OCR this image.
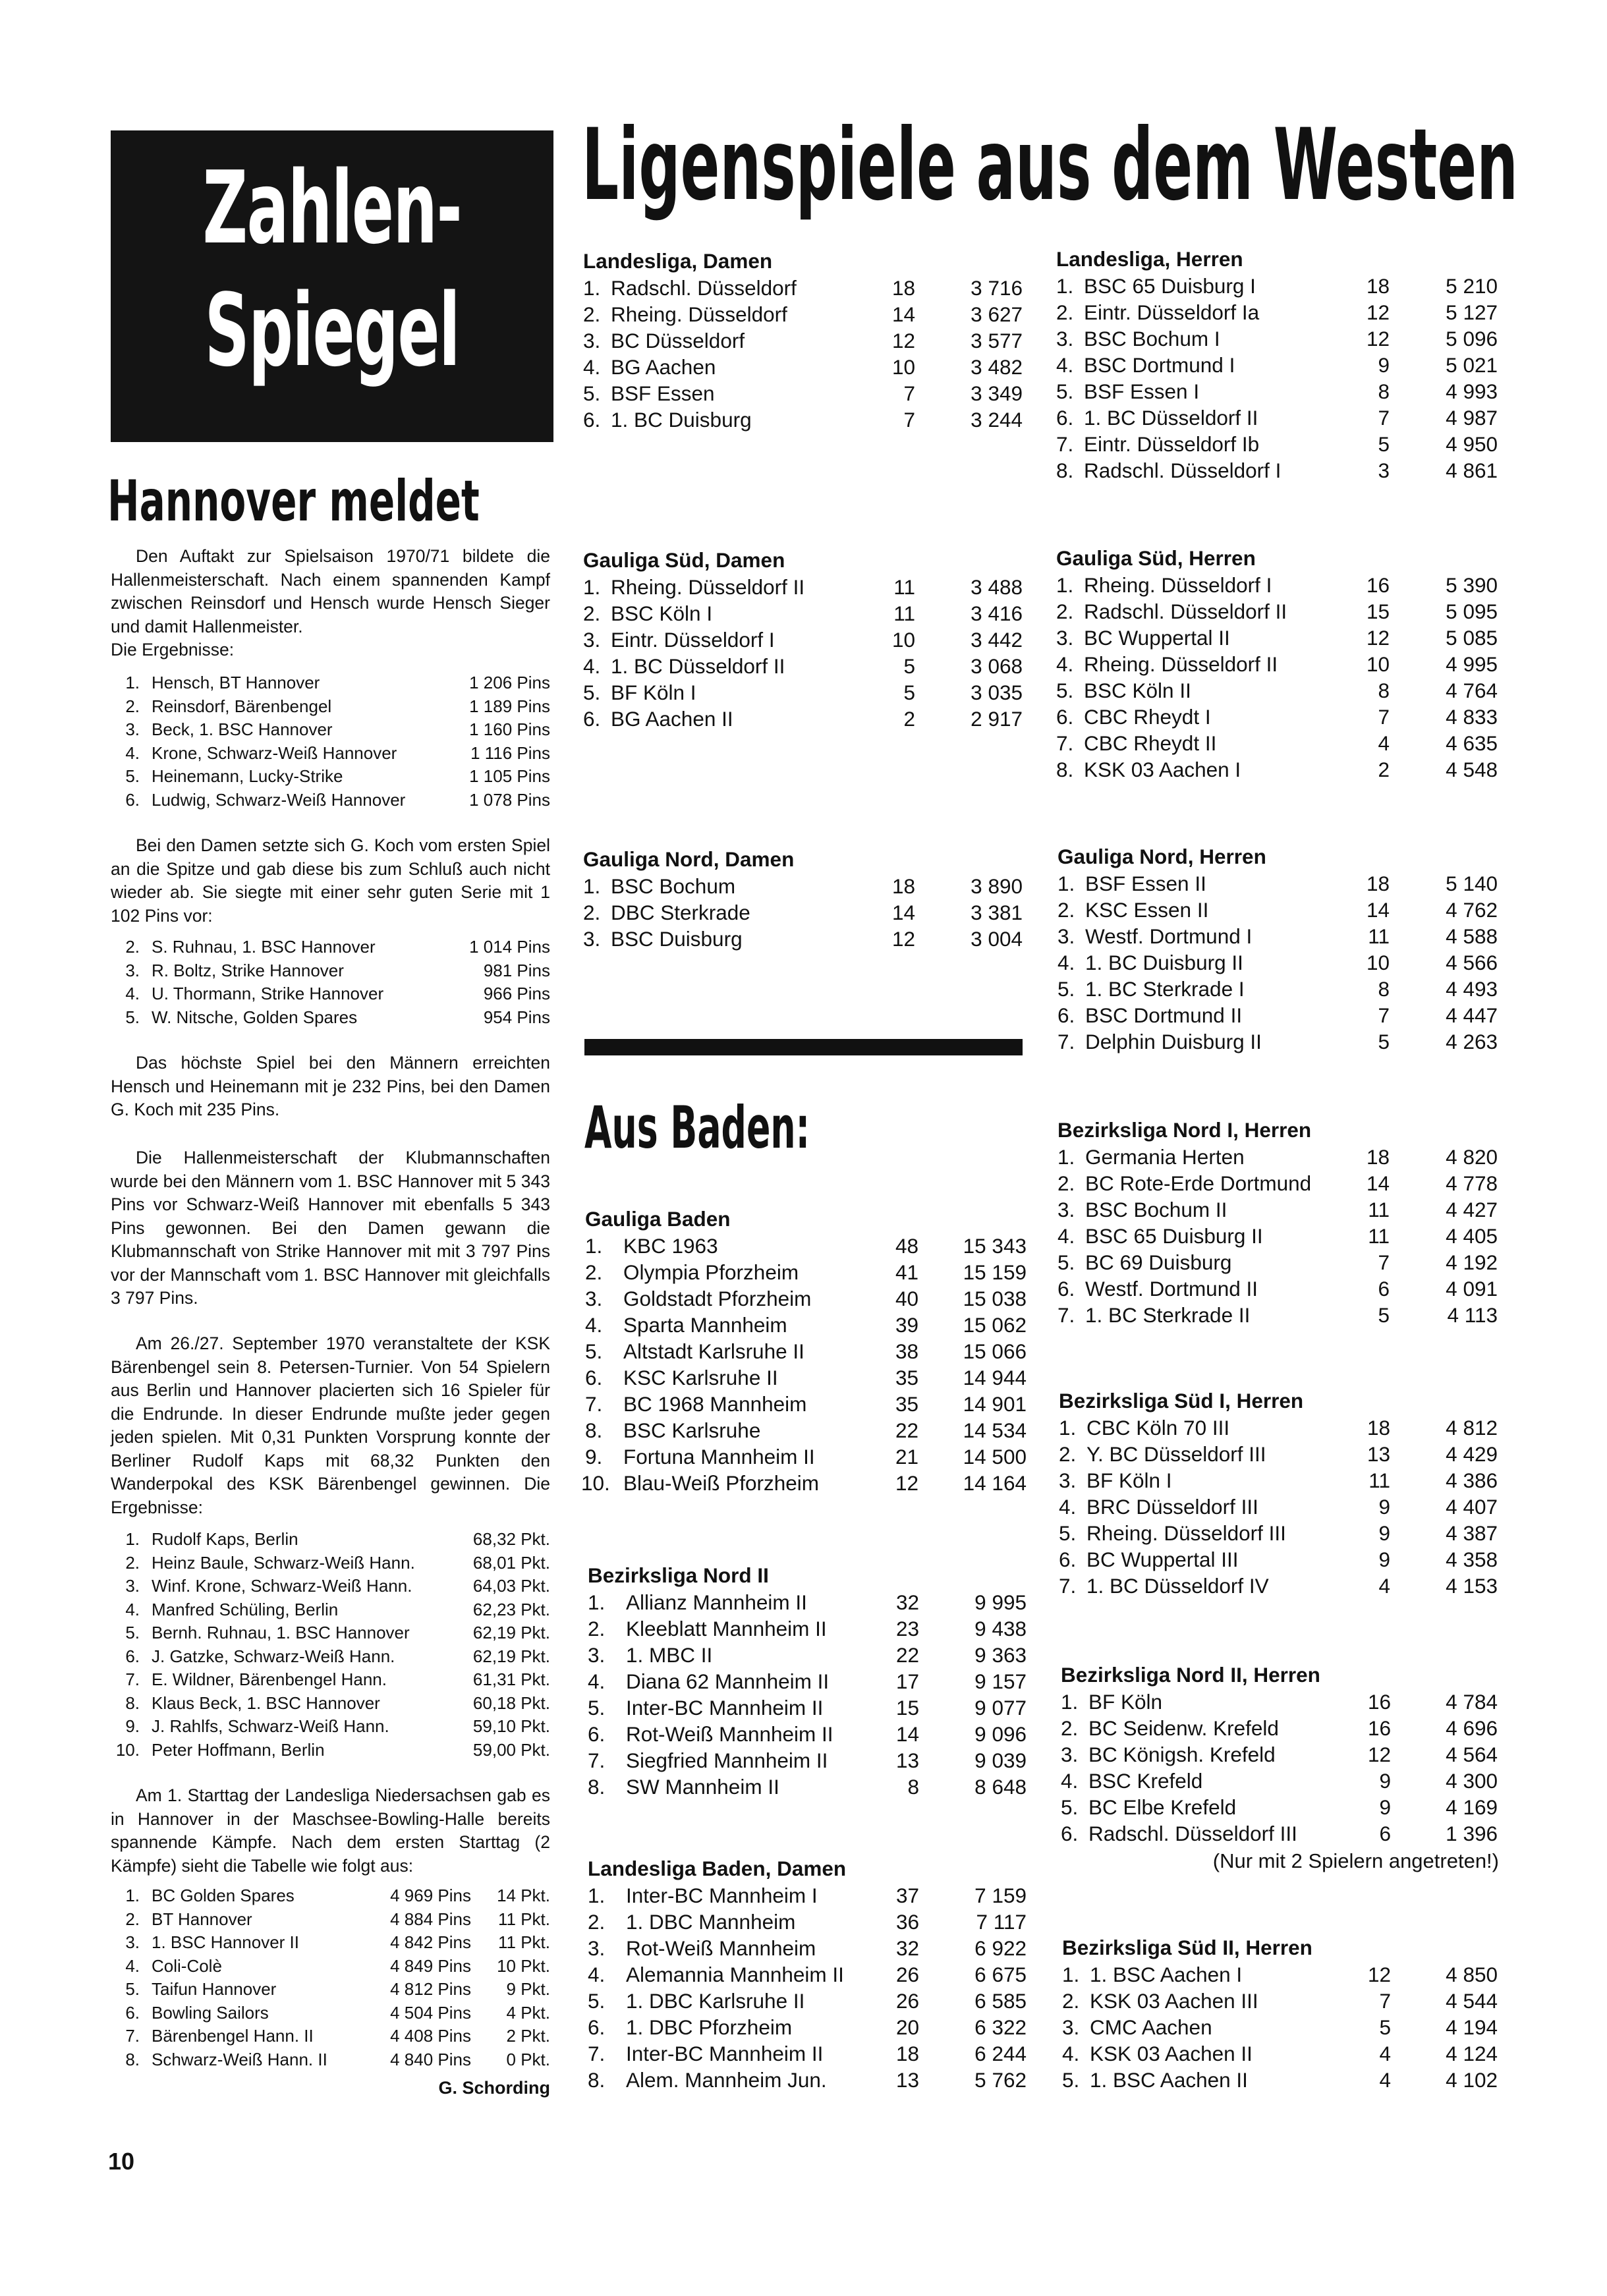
Zahlen-
Spiegel
Ligenspiele aus dem Westen
Hannover meldet

Den Auftakt zur Spielsaison 1970/71 bildete die Hallenmeisterschaft. Nach einem spannenden Kampf zwischen Reinsdorf und Hensch wurde Hensch Sieger und damit Hallenmeister.

Die Ergebnisse:

1. Hensch, BT Hannover	1 206 Pins
2. Reinsdorf, Bärenbengel	1 189 Pins
3. Beck, 1. BSC Hannover	1 160 Pins
4. Krone, Schwarz-Weiß Hannover	1 116 Pins
5. Heinemann, Lucky-Strike	1 105 Pins
6. Ludwig, Schwarz-Weiß Hannover	1 078 Pins

Bei den Damen setzte sich G. Koch vom ersten Spiel an die Spitze und gab diese bis zum Schluß auch nicht wieder ab. Sie siegte mit einer sehr guten Serie mit 1 102 Pins vor:

2. S. Ruhnau, 1. BSC Hannover	1 014 Pins
3. R. Boltz, Strike Hannover	981 Pins
4. U. Thormann, Strike Hannover	966 Pins
5. W. Nitsche, Golden Spares	954 Pins

Das höchste Spiel bei den Männern erreichten Hensch und Heinemann mit je 232 Pins, bei den Damen G. Koch mit 235 Pins.

Die Hallenmeisterschaft der Klubmannschaften wurde bei den Männern vom 1. BSC Hannover mit 5 343 Pins vor Schwarz-Weiß Hannover mit ebenfalls 5 343 Pins gewonnen. Bei den Damen gewann die Klubmannschaft von Strike Hannover mit mit 3 797 Pins vor der Mannschaft vom 1. BSC Hannover mit gleichfalls 3 797 Pins.

Am 26./27. September 1970 veranstaltete der KSK Bärenbengel sein 8. Petersen-Turnier. Von 54 Spielern aus Berlin und Hannover placierten sich 16 Spieler für die Endrunde. In dieser Endrunde mußte jeder gegen jeden spielen. Mit 0,31 Punkten Vorsprung konnte der Berliner Rudolf Kaps mit 68,32 Punkten den Wanderpokal des KSK Bärenbengel gewinnen. Die Ergebnisse:

1. Rudolf Kaps, Berlin	68,32 Pkt.
2. Heinz Baule, Schwarz-Weiß Hann.	68,01 Pkt.
3. Winf. Krone, Schwarz-Weiß Hann.	64,03 Pkt.
4. Manfred Schüling, Berlin	62,23 Pkt.
5. Bernh. Ruhnau, 1. BSC Hannover	62,19 Pkt.
6. J. Gatzke, Schwarz-Weiß Hann.	62,19 Pkt.
7. E. Wildner, Bärenbengel Hann.	61,31 Pkt.
8. Klaus Beck, 1. BSC Hannover	60,18 Pkt.
9. J. Rahlfs, Schwarz-Weiß Hann.	59,10 Pkt.
10. Peter Hoffmann, Berlin	59,00 Pkt.

Am 1. Starttag der Landesliga Niedersachsen gab es in Hannover in der Maschsee-Bowling-Halle bereits spannende Kämpfe. Nach dem ersten Starttag (2 Kämpfe) sieht die Tabelle wie folgt aus:

1. BC Golden Spares	4 969 Pins 14 Pkt.
2. BT Hannover	4 884 Pins 11 Pkt.
3. 1. BSC Hannover II	4 842 Pins 11 Pkt.
4. Coli-Colè	4 849 Pins 10 Pkt.
5. Taifun Hannover	4 812 Pins 9 Pkt.
6. Bowling Sailors	4 504 Pins 4 Pkt.
7. Bärenbengel Hann. II	4 408 Pins 2 Pkt.
8. Schwarz-Weiß Hann. II	4 840 Pins 0 Pkt.
G. Schording
Aus Baden:
Landesliga, Damen
1. Radschl. Düsseldorf	18	3 716
2. Rheing. Düsseldorf	14	3 627
3. BC Düsseldorf	12	3 577
4. BG Aachen	10	3 482
5. BSF Essen	7	3 349
6. 1. BC Duisburg	7	3 244
Gauliga Süd, Damen
1. Rheing. Düsseldorf II	11	3 488
2. BSC Köln I	11	3 416
3. Eintr. Düsseldorf I	10	3 442
4. 1. BC Düsseldorf II	5	3 068
5. BF Köln I	5	3 035
6. BG Aachen II	2	2 917
Gauliga Nord, Damen
1. BSC Bochum	18	3 890
2. DBC Sterkrade	14	3 381
3. BSC Duisburg	12	3 004
Gauliga Baden
1. KBC 1963	48 15 343
2. Olympia Pforzheim	41 15 159
3. Goldstadt Pforzheim	40 15 038
4. Sparta Mannheim	39 15 062
5. Altstadt Karlsruhe II	38 15 066
6. KSC Karlsruhe II	35 14 944
7. BC 1968 Mannheim	35 14 901
8. BSC Karlsruhe	22 14 534
9. Fortuna Mannheim II	21 14 500
10. Blau-Weiß Pforzheim	12 14 164
Bezirksliga Nord II
1. Allianz Mannheim II	32	9 995
2. Kleeblatt Mannheim II	23	9 438
3. 1. MBC II	22	9 363
4. Diana 62 Mannheim II	17	9 157
5. Inter-BC Mannheim II	15	9 077
6. Rot-Weiß Mannheim II	14	9 096
7. Siegfried Mannheim II	13	9 039
8. SW Mannheim II	8	8 648
Landesliga Baden, Damen
1. Inter-BC Mannheim I	37	7 159
2. 1. DBC Mannheim	36	7 117
3. Rot-Weiß Mannheim	32	6 922
4. Alemannia Mannheim II	26	6 675
5. 1. DBC Karlsruhe II	26	6 585
6. 1. DBC Pforzheim	20	6 322
7. Inter-BC Mannheim II	18	6 244
8. Alem. Mannheim Jun.	13	5 762
Landesliga, Herren
1. BSC 65 Duisburg I	18	5 210
2. Eintr. Düsseldorf Ia	12	5 127
3. BSC Bochum I	12	5 096
4. BSC Dortmund I	9	5 021
5. BSF Essen I	8	4 993
6. 1. BC Düsseldorf II	7	4 987
7. Eintr. Düsseldorf Ib	5	4 950
8. Radschl. Düsseldorf I	3	4 861
Gauliga Süd, Herren
1. Rheing. Düsseldorf I	16	5 390
2. Radschl. Düsseldorf II	15	5 095
3. BC Wuppertal II	12	5 085
4. Rheing. Düsseldorf II	10	4 995
5. BSC Köln II	8	4 764
6. CBC Rheydt I	7	4 833
7. CBC Rheydt II	4	4 635
8. KSK 03 Aachen I	2	4 548
Gauliga Nord, Herren
1. BSF Essen II	18	5 140
2. KSC Essen II	14	4 762
3. Westf. Dortmund I	11	4 588
4. 1. BC Duisburg II	10	4 566
5. 1. BC Sterkrade I	8	4 493
6. BSC Dortmund II	7	4 447
7. Delphin Duisburg II	5	4 263
Bezirksliga Nord I, Herren
1. Germania Herten	18	4 820
2. BC Rote-Erde Dortmund	14	4 778
3. BSC Bochum II	11	4 427
4. BSC 65 Duisburg II	11	4 405
5. BC 69 Duisburg	7	4 192
6. Westf. Dortmund II	6	4 091
7. 1. BC Sterkrade II	5	4 113
Bezirksliga Süd I, Herren
1. CBC Köln 70 III	18	4 812
2. Y. BC Düsseldorf III	13	4 429
3. BF Köln I	11	4 386
4. BRC Düsseldorf III	9	4 407
5. Rheing. Düsseldorf III	9	4 387
6. BC Wuppertal III	9	4 358
7. 1. BC Düsseldorf IV	4	4 153
Bezirksliga Nord II, Herren
1. BF Köln	16	4 784
2. BC Seidenw. Krefeld	16	4 696
3. BC Königsh. Krefeld	12	4 564
4. BSC Krefeld	9	4 300
5. BC Elbe Krefeld	9	4 169
6. Radschl. Düsseldorf III	6	1 396
(Nur mit 2 Spielern angetreten!)
Bezirksliga Süd II, Herren
1. 1. BSC Aachen I	12	4 850
2. KSK 03 Aachen III	7	4 544
3. CMC Aachen	5	4 194
4. KSK 03 Aachen II	4	4 124
5. 1. BSC Aachen II	4	4 102
10
